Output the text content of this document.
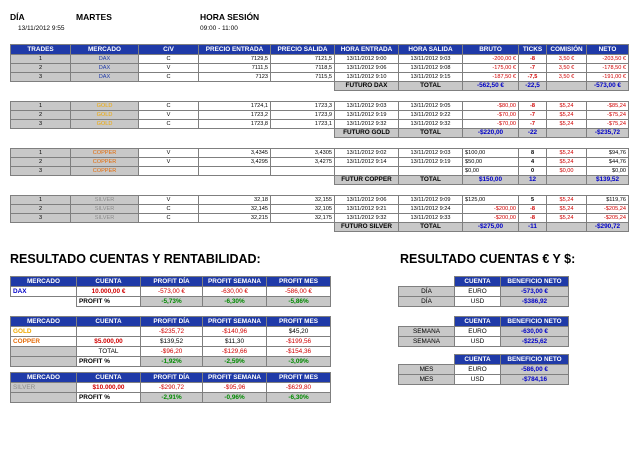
DÍA	MARTES
13/11/2012 9:55
HORA SESIÓN
09:00 - 11:00
TRADES	MERCADO	C/V	PRECIO ENTRADA	PRECIO SALIDA	HORA ENTRADA	HORA SALIDA	BRUTO	TICKS	COMISIÓN	NETO
1	DAX	C	7129,5	7121,5	13/11/2012 9:00	13/11/2012 9:03	-200,00 €	-8	3,50 €	-203,50 €
2	DAX	V	7111,5	7118,5	13/11/2012 9:06	13/11/2012 9:08	-175,00 €	-7	3,50 €	-178,50 €
3	DAX	C	7123	7115,5	13/11/2012 9:10	13/11/2012 9:15	-187,50 €	-7,5	3,50 €	-191,00 €
					FUTURO DAX	TOTAL	-562,50 €	-22,5		-573,00 €

1	GOLD	C	1724,1	1723,3	13/11/2012 9:03	13/11/2012 9:05	-$80,00	-8	$5,24	-$85,24
2	GOLD	V	1723,2	1723,9	13/11/2012 9:19	13/11/2012 9:22	-$70,00	-7	$5,24	-$75,24
3	GOLD	C	1723,8	1723,1	13/11/2012 9:32	13/11/2012 9:32	-$70,00	-7	$5,24	-$75,24
					FUTURO GOLD	TOTAL	-$220,00	-22		-$235,72

1	COPPER	V	3,4345	3,4305	13/11/2012 9:02	13/11/2012 9:03	$100,00	8	$5,24	$94,76
2	COPPER	V	3,4295	3,4275	13/11/2012 9:14	13/11/2012 9:19	$50,00	4	$5,24	$44,76
3	COPPER						$0,00	0	$0,00	$0,00
					FUTUR COPPER	TOTAL	$150,00	12		$139,52

1	SILVER	V	32,18	32,155	13/11/2012 9:06	13/11/2012 9:09	$125,00	5	$5,24	$119,76
2	SILVER	C	32,145	32,105	13/11/2012 9:21	13/11/2012 9:24	-$200,00	-8	$5,24	-$205,24
3	SILVER	C	32,215	32,175	13/11/2012 9:32	13/11/2012 9:33	-$200,00	-8	$5,24	-$205,24
					FUTURO SILVER	TOTAL	-$275,00	-11		-$290,72
RESULTADO CUENTAS Y RENTABILIDAD:
MERCADO	CUENTA	PROFIT DÍA	PROFIT SEMANA	PROFIT MES
DAX	10.000,00 €	-573,00 €	-630,00 €	-586,00 €
	PROFIT %	-5,73%	-6,30%	-5,86%
MERCADO	CUENTA	PROFIT DÍA	PROFIT SEMANA	PROFIT MES
GOLD		-$235,72	-$140,96	$45,20
COPPER	$5.000,00	$139,52	$11,30	-$199,56
	TOTAL	-$96,20	-$129,66	-$154,36
	PROFIT %	-1,92%	-2,59%	-3,09%
MERCADO	CUENTA	PROFIT DÍA	PROFIT SEMANA	PROFIT MES
SILVER	$10.000,00	-$290,72	-$95,96	-$629,80
	PROFIT %	-2,91%	-0,96%	-6,30%
RESULTADO CUENTAS € Y $:
	CUENTA	BENEFICIO NETO
DÍA	EURO	-573,00 €
DÍA	USD	-$386,92
	CUENTA	BENEFICIO NETO
SEMANA	EURO	-630,00 €
SEMANA	USD	-$225,62
	CUENTA	BENEFICIO NETO
MES	EURO	-586,00 €
MES	USD	-$784,16
